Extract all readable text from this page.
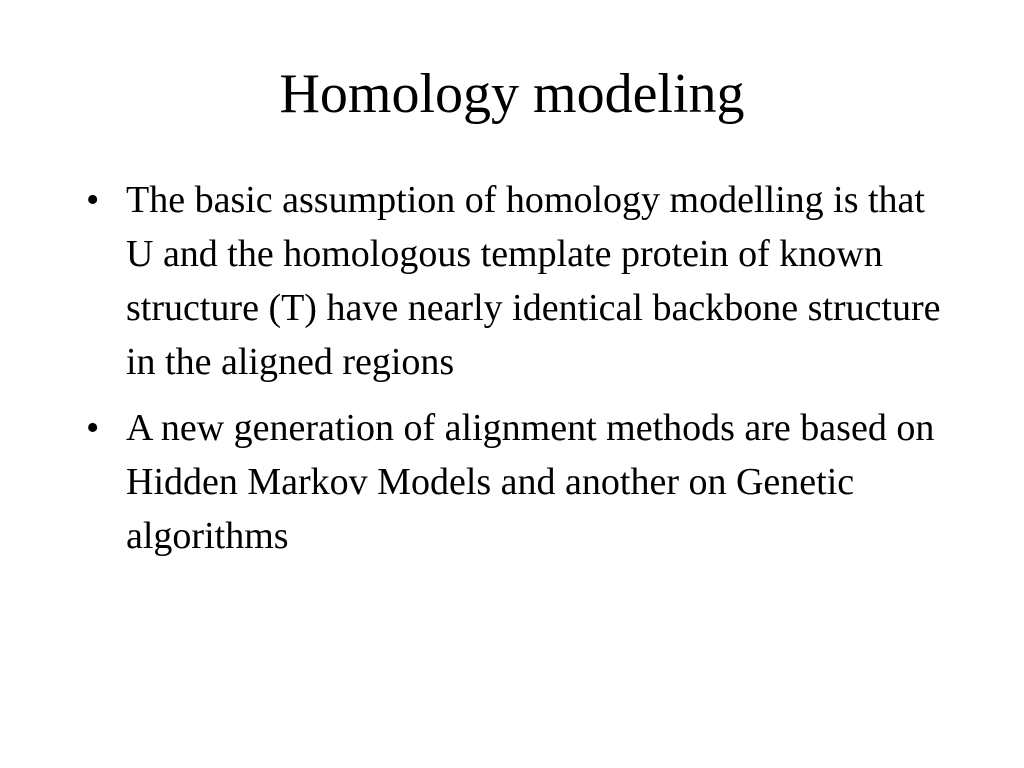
Homology modeling
• The basic assumption of homology modelling is that U and the homologous template protein of known structure (T) have nearly identical backbone structure in the aligned regions
• A new generation of alignment methods are based on Hidden Markov Models and another on Genetic algorithms
